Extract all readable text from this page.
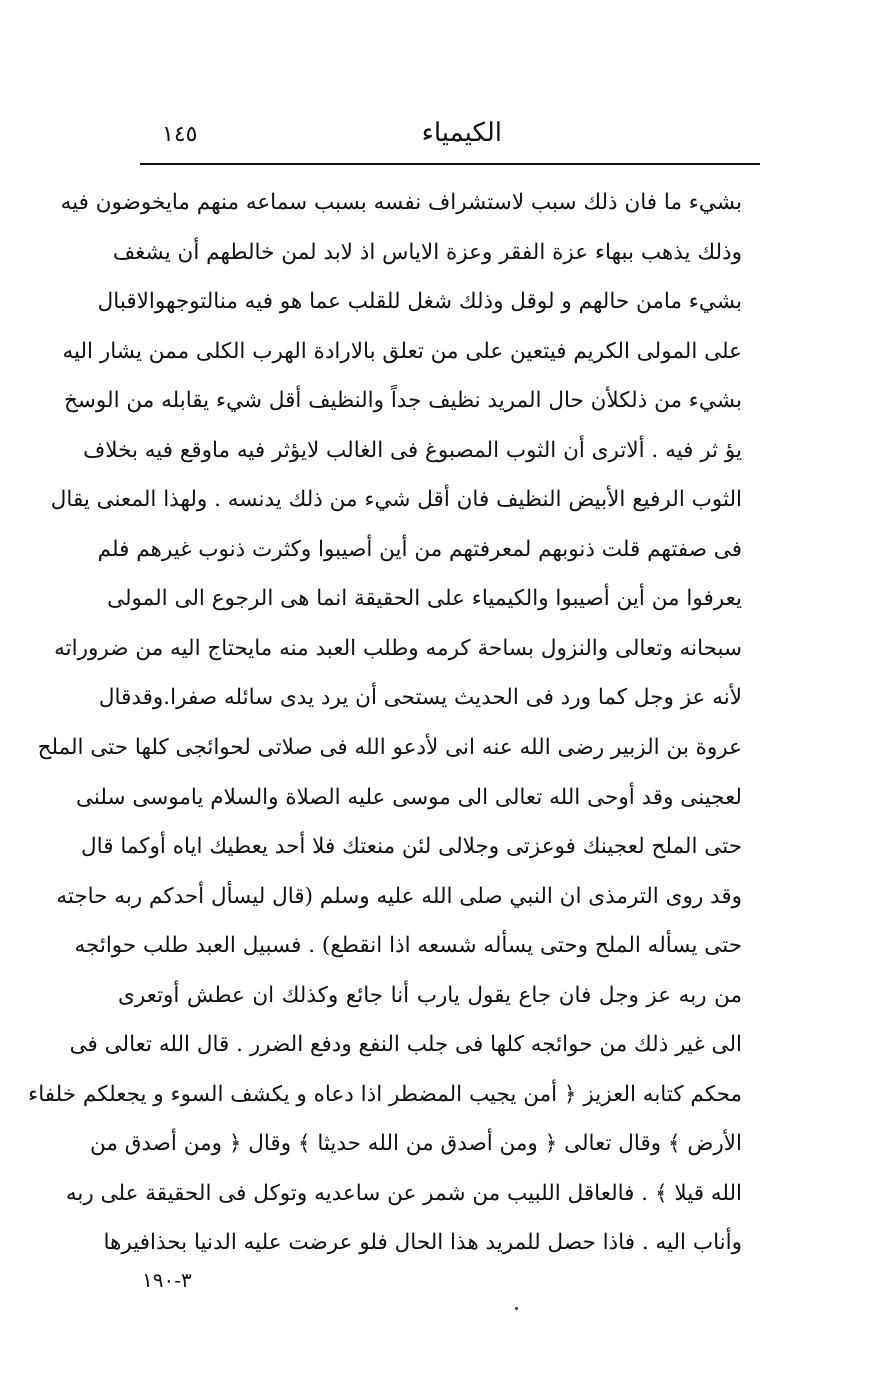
الكيمياء
١٤٥
بشيء ما فان ذلك سبب لاستشراف نفسه بسبب سماعه منهم مايخوضون فيه
وذلك يذهب ببهاء عزة الفقر وعزة الاياس اذ لابد لمن خالطهم أن يشغف
بشيء مامن حالهم و لوقل وذلك شغل للقلب عما هو فيه منالتوجهوالاقبال
على المولى الكريم فيتعين على من تعلق بالارادة الهرب الكلى ممن يشار اليه
بشيء من ذلكلأن حال المريد نظيف جداً والنظيف أقل شيء يقابله من الوسخ
يؤ ثر فيه . ألاترى أن الثوب المصبوغ فى الغالب لايؤثر فيه ماوقع فيه بخلاف
الثوب الرفيع الأبيض النظيف فان أقل شيء من ذلك يدنسه . ولهذا المعنى يقال
فى صفتهم قلت ذنوبهم لمعرفتهم من أين أصيبوا وكثرت ذنوب غيرهم فلم
يعرفوا من أين أصيبوا والكيمياء على الحقيقة انما هى الرجوع الى المولى
سبحانه وتعالى والنزول بساحة كرمه وطلب العبد منه مايحتاج اليه من ضروراته
لأنه عز وجل كما ورد فى الحديث يستحى أن يرد يدى سائله صفرا.وقدقال
عروة بن الزبير رضى الله عنه انى لأدعو الله فى صلاتى لحوائجى كلها حتى الملح
لعجينى وقد أوحى الله تعالى الى موسى عليه الصلاة والسلام ياموسى سلنى
حتى الملح لعجينك فوعزتى وجلالى لئن منعتك فلا أحد يعطيك اياه أوكما قال
وقد روى الترمذى ان النبي صلى الله عليه وسلم (قال ليسأل أحدكم ربه حاجته
حتى يسأله الملح وحتى يسأله شسعه اذا انقطع) . فسبيل العبد طلب حوائجه
من ربه عز وجل فان جاع يقول يارب أنا جائع وكذلك ان عطش أوتعرى
الى غير ذلك من حوائجه كلها فى جلب النفع ودفع الضرر . قال الله تعالى فى
محكم كتابه العزيز ﴿ أمن يجيب المضطر اذا دعاه و يكشف السوء و يجعلكم خلفاء
الأرض ﴾ وقال تعالى ﴿ ومن أصدق من الله حديثا ﴾ وقال ﴿ ومن أصدق من
الله قيلا ﴾ . فالعاقل اللبيب من شمر عن ساعديه وتوكل فى الحقيقة على ربه
وأناب اليه . فاذا حصل للمريد هذا الحال فلو عرضت عليه الدنيا بحذافيرها
٣-١٩٠
